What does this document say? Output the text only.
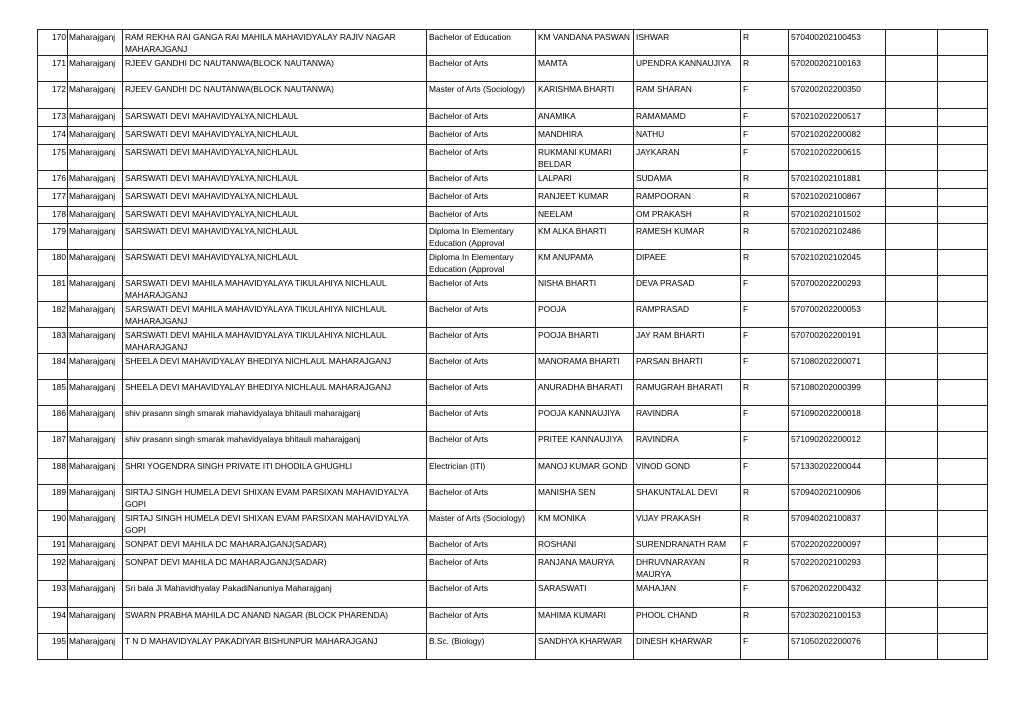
170	Maharajganj	RAM REKHA RAI GANGA RAI MAHILA MAHAVIDYALAY RAJIV NAGAR MAHARAJGANJ	Bachelor of Education	KM VANDANA PASWAN	ISHWAR	R	570400202100453		
171	Maharajganj	RJEEV GANDHI DC NAUTANWA(BLOCK NAUTANWA)	Bachelor of Arts	MAMTA	UPENDRA KANNAUJIYA	R	570200202100163		
172	Maharajganj	RJEEV GANDHI DC NAUTANWA(BLOCK NAUTANWA)	Master of Arts (Sociology)	KARISHMA BHARTI	RAM SHARAN	F	570200202200350		
173	Maharajganj	SARSWATI DEVI MAHAVIDYALYA,NICHLAUL	Bachelor of Arts	ANAMIKA	RAMAMAMD	F	570210202200517		
174	Maharajganj	SARSWATI DEVI MAHAVIDYALYA,NICHLAUL	Bachelor of Arts	MANDHIRA	NATHU	F	570210202200082		
175	Maharajganj	SARSWATI DEVI MAHAVIDYALYA,NICHLAUL	Bachelor of Arts	RUKMANI KUMARI BELDAR	JAYKARAN	F	570210202200615		
176	Maharajganj	SARSWATI DEVI MAHAVIDYALYA,NICHLAUL	Bachelor of Arts	LALPARI	SUDAMA	R	570210202101881		
177	Maharajganj	SARSWATI DEVI MAHAVIDYALYA,NICHLAUL	Bachelor of Arts	RANJEET KUMAR	RAMPOORAN	R	570210202100867		
178	Maharajganj	SARSWATI DEVI MAHAVIDYALYA,NICHLAUL	Bachelor of Arts	NEELAM	OM PRAKASH	R	570210202101502		
179	Maharajganj	SARSWATI DEVI MAHAVIDYALYA,NICHLAUL	Diploma In Elementary Education (Approval	KM ALKA BHARTI	RAMESH KUMAR	R	570210202102486		
180	Maharajganj	SARSWATI DEVI MAHAVIDYALYA,NICHLAUL	Diploma In Elementary Education (Approval	KM ANUPAMA	DIPAEE	R	570210202102045		
181	Maharajganj	SARSWATI DEVI MAHILA MAHAVIDYALAYA TIKULAHIYA NICHLAUL MAHARAJGANJ	Bachelor of Arts	NISHA BHARTI	DEVA PRASAD	F	570700202200293		
182	Maharajganj	SARSWATI DEVI MAHILA MAHAVIDYALAYA TIKULAHIYA NICHLAUL MAHARAJGANJ	Bachelor of Arts	POOJA	RAMPRASAD	F	570700202200053		
183	Maharajganj	SARSWATI DEVI MAHILA MAHAVIDYALAYA TIKULAHIYA NICHLAUL MAHARAJGANJ	Bachelor of Arts	POOJA BHARTI	JAY RAM BHARTI	F	570700202200191		
184	Maharajganj	SHEELA DEVI MAHAVIDYALAY BHEDIYA NICHLAUL MAHARAJGANJ	Bachelor of Arts	MANORAMA BHARTI	PARSAN BHARTI	F	571080202200071		
185	Maharajganj	SHEELA DEVI MAHAVIDYALAY BHEDIYA NICHLAUL MAHARAJGANJ	Bachelor of Arts	ANURADHA BHARATI	RAMUGRAH BHARATI	R	571080202000399		
186	Maharajganj	shiv prasann singh smarak mahavidyalaya bhitauli maharajganj	Bachelor of Arts	POOJA KANNAUJIYA	RAVINDRA	F	571090202200018		
187	Maharajganj	shiv prasann singh smarak mahavidyalaya bhitauli maharajganj	Bachelor of Arts	PRITEE KANNAUJIYA	RAVINDRA	F	571090202200012		
188	Maharajganj	SHRI YOGENDRA SINGH PRIVATE ITI DHODILA GHUGHLI	Electrician (ITI)	MANOJ KUMAR GOND	VINOD GOND	F	571330202200044		
189	Maharajganj	SIRTAJ SINGH HUMELA DEVI SHIXAN EVAM PARSIXAN MAHAVIDYALYA GOPI	Bachelor of Arts	MANISHA SEN	SHAKUNTALAL DEVI	R	570940202100906		
190	Maharajganj	SIRTAJ SINGH HUMELA DEVI SHIXAN EVAM PARSIXAN MAHAVIDYALYA GOPI	Master of Arts (Sociology)	KM MONIKA	VIJAY PRAKASH	R	570940202100837		
191	Maharajganj	SONPAT DEVI MAHILA DC MAHARAJGANJ(SADAR)	Bachelor of Arts	ROSHANI	SURENDRANATH RAM	F	570220202200097		
192	Maharajganj	SONPAT DEVI MAHILA DC MAHARAJGANJ(SADAR)	Bachelor of Arts	RANJANA MAURYA	DHRUVNARAYAN MAURYA	R	570220202100293		
193	Maharajganj	Sri bala Ji Mahavidhyalay PakadiNanuniya Maharajganj	Bachelor of Arts	SARASWATI	MAHAJAN	F	570620202200432		
194	Maharajganj	SWARN PRABHA MAHILA DC ANAND NAGAR (BLOCK PHARENDA)	Bachelor of Arts	MAHIMA KUMARI	PHOOL CHAND	R	570230202100153		
195	Maharajganj	T N D MAHAVIDYALAY PAKADIYAR BISHUNPUR MAHARAJGANJ	B.Sc. (Biology)	SANDHYA KHARWAR	DINESH KHARWAR	F	571050202200076		
